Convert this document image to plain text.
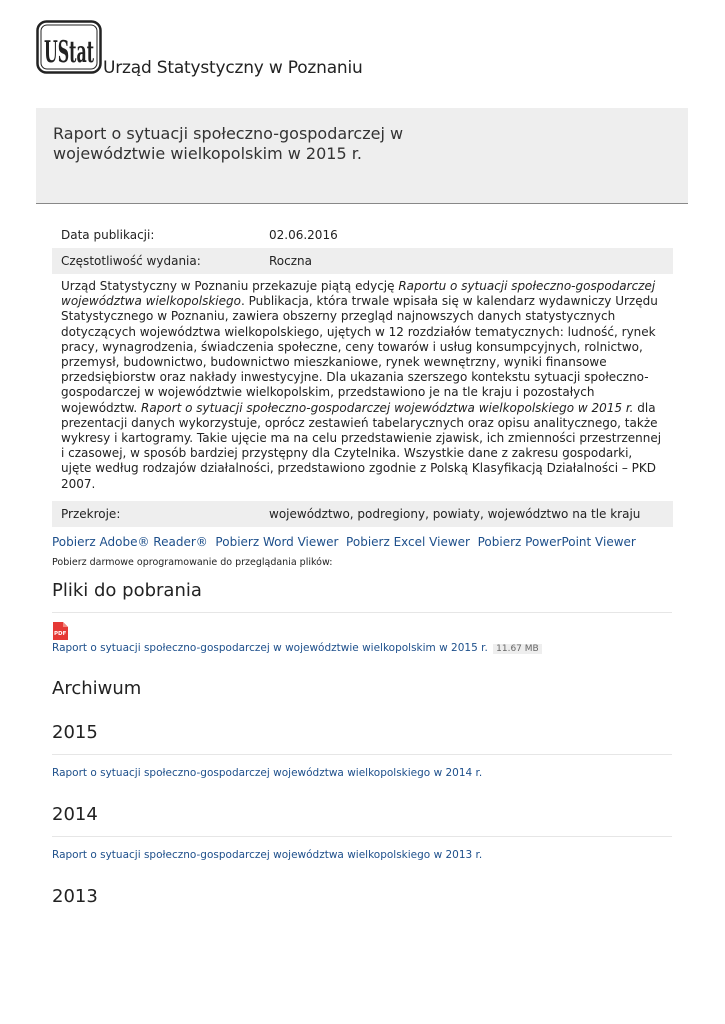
UStat Urząd Statystyczny w Poznaniu
Raport o sytuacji społeczno-gospodarczej w województwie wielkopolskim w 2015 r.
Data publikacji:	02.06.2016
Częstotliwość wydania:	Roczna

Urząd Statystyczny w Poznaniu przekazuje piątą edycję Raportu o sytuacji społeczno-gospodarczej województwa wielkopolskiego. Publikacja, która trwale wpisała się w kalendarz wydawniczy Urzędu Statystycznego w Poznaniu, zawiera obszerny przegląd najnowszych danych statystycznych dotyczących województwa wielkopolskiego, ujętych w 12 rozdziałów tematycznych: ludność, rynek pracy, wynagrodzenia, świadczenia społeczne, ceny towarów i usług konsumpcyjnych, rolnictwo, przemysł, budownictwo, budownictwo mieszkaniowe, rynek wewnętrzny, wyniki finansowe przedsiębiorstw oraz nakłady inwestycyjne. Dla ukazania szerszego kontekstu sytuacji społeczno-gospodarczej w województwie wielkopolskim, przedstawiono je na tle kraju i pozostałych województw. Raport o sytuacji społeczno-gospodarczej województwa wielkopolskiego w 2015 r. dla prezentacji danych wykorzystuje, oprócz zestawień tabelarycznych oraz opisu analitycznego, także wykresy i kartogramy. Takie ujęcie ma na celu przedstawienie zjawisk, ich zmienności przestrzennej i czasowej, w sposób bardziej przystępny dla Czytelnika. Wszystkie dane z zakresu gospodarki, ujęte według rodzajów działalności, przedstawiono zgodnie z Polską Klasyfikacją Działalności – PKD 2007.

Przekroje:	województwo, podregiony, powiaty, województwo na tle kraju
Pobierz Adobe® Reader® Pobierz Word Viewer Pobierz Excel Viewer Pobierz PowerPoint Viewer Pobierz darmowe oprogramowanie do przeglądania plików:
Pliki do pobrania
PDF
Raport o sytuacji społeczno-gospodarczej w województwie wielkopolskim w 2015 r. 11.67 MB
Archiwum
2015
Raport o sytuacji społeczno-gospodarczej województwa wielkopolskiego w 2014 r.
2014
Raport o sytuacji społeczno-gospodarczej województwa wielkopolskiego w 2013 r.
2013
